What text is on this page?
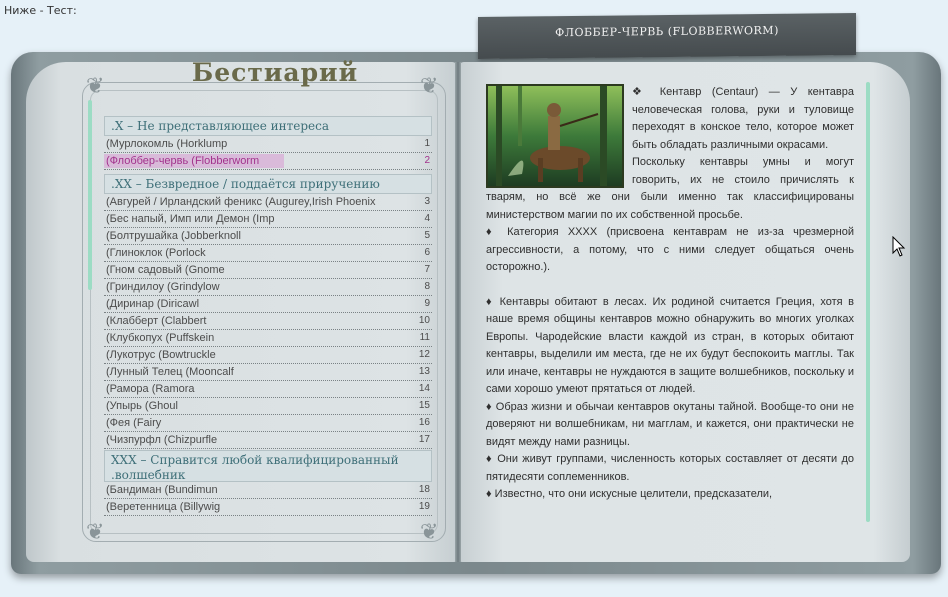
Ниже - Тест:
ФЛОББЕР-ЧЕРВЬ (FLOBBERWORM)
❦	❦
❦	❦
Бестиарий
.X – Не представляющее интереса
(Мурлокомль (Horklump	1
(Флоббер-червь (Flobberworm	2
.XX – Безвредное / поддаётся приручению
(Авгурей / Ирландский феникс (Augurey,Irish Phoenix	3
(Бес напый, Имп или Демон (Imp	4
(Болтрушайка (Jobberknoll	5
(Глиноклок (Porlock	6
(Гном садовый (Gnome	7
(Гриндилоу (Grindylow	8
(Диринар (Diricawl	9
(Клабберт (Clabbert	10
(Клубкопух (Puffskein	11
(Лукотрус (Bowtruckle	12
(Лунный Телец (Mooncalf	13
(Рамора (Ramora	14
(Упырь (Ghoul	15
(Фея (Fairy	16
(Чизпурфл (Chizpurfle	17
XXX – Справится любой квалифицированный .волшебник
(Бандиман (Bundimun	18
(Веретенница (Billywig	19

❖ Кентавр (Centaur) — У кентавра человеческая голова, руки и туловище переходят в конское тело, которое может быть обладать различными окрасами.

Поскольку кентавры умны и могут говорить, их не стоило причислять к тварям, но всё же они были именно так классифицированы министерством магии по их собственной просьбе.

♦ Категория XXXX (присвоена кентаврам не из-за чрезмерной агрессивности, а потому, что с ними следует общаться очень осторожно.).

♦ Кентавры обитают в лесах. Их родиной считается Греция, хотя в наше время общины кентавров можно обнаружить во многих уголках Европы. Чародейские власти каждой из стран, в которых обитают кентавры, выделили им места, где не их будут беспокоить магглы. Так или иначе, кентавры не нуждаются в защите волшебников, поскольку и сами хорошо умеют прятаться от людей.

♦ Образ жизни и обычаи кентавров окутаны тайной. Вообще-то они не доверяют ни волшебникам, ни магглам, и кажется, они практически не видят между нами разницы.

♦ Они живут группами, численность которых составляет от десяти до пятидесяти соплеменников.

♦ Известно, что они искусные целители, предсказатели,
